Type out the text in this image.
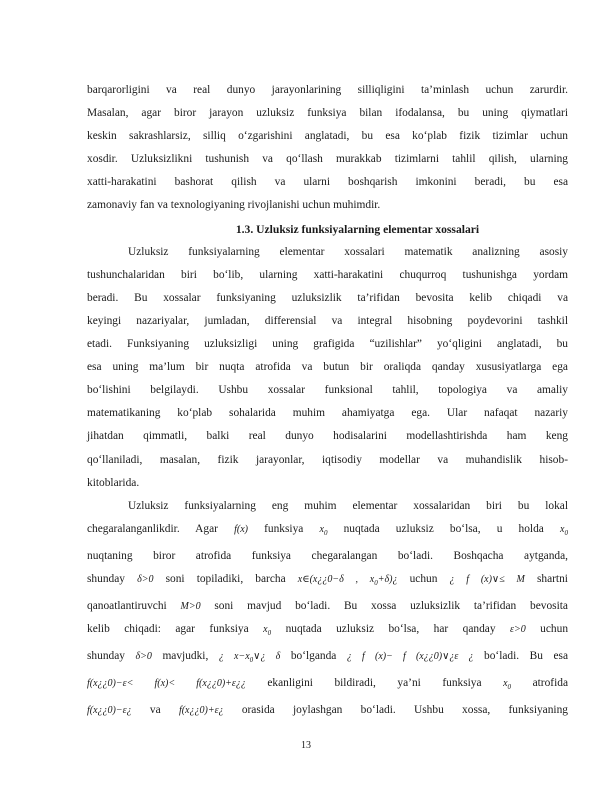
barqarorligini va real dunyo jarayonlarining silliqligini ta’minlash uchun zarurdir.

Masalan, agar biror jarayon uzluksiz funksiya bilan ifodalansa, bu uning qiymatlari

keskin sakrashlarsiz, silliq o‘zgarishini anglatadi, bu esa ko‘plab fizik tizimlar uchun

xosdir. Uzluksizlikni tushunish va qo‘llash murakkab tizimlarni tahlil qilish, ularning

xatti-harakatini bashorat qilish va ularni boshqarish imkonini beradi, bu esa

zamonaviy fan va texnologiyaning rivojlanishi uchun muhimdir.

1.3. Uzluksiz funksiyalarning elementar xossalari

Uzluksiz funksiyalarning elementar xossalari matematik analizning asosiy

tushunchalaridan biri bo‘lib, ularning xatti-harakatini chuqurroq tushunishga yordam

beradi. Bu xossalar funksiyaning uzluksizlik ta’rifidan bevosita kelib chiqadi va

keyingi nazariyalar, jumladan, differensial va integral hisobning poydevorini tashkil

etadi. Funksiyaning uzluksizligi uning grafigida “uzilishlar” yo‘qligini anglatadi, bu

esa uning ma’lum bir nuqta atrofida va butun bir oraliqda qanday xususiyatlarga ega

bo‘lishini belgilaydi. Ushbu xossalar funksional tahlil, topologiya va amaliy

matematikaning ko‘plab sohalarida muhim ahamiyatga ega. Ular nafaqat nazariy

jihatdan qimmatli, balki real dunyo hodisalarini modellashtirishda ham keng

qo‘llaniladi, masalan, fizik jarayonlar, iqtisodiy modellar va muhandislik hisob-

kitoblarida.

Uzluksiz funksiyalarning eng muhim elementar xossalaridan biri bu lokal

chegaralanganlikdir. Agar f(x) funksiya $x_0$ nuqtada uzluksiz bo‘lsa, u holda $x_0$

nuqtaning biror atrofida funksiya chegaralangan bo‘ladi. Boshqacha aytganda,

shunday δ>0 soni topiladiki, barcha x∈(x¿¿0−δ , $x_0+\delta)¿$ uchun ¿ f (x)∨≤ M shartni

qanoatlantiruvchi M>0 soni mavjud bo‘ladi. Bu xossa uzluksizlik ta’rifidan bevosita

kelib chiqadi: agar funksiya $x_0$ nuqtada uzluksiz bo‘lsa, har qanday ε>0 uchun

shunday δ>0 mavjudki, ¿ $x-x_0\vee¿$ δ bo‘lganda ¿ f (x)− f (x¿¿0)∨¿ε ¿ bo‘ladi. Bu esa

f(x¿¿0)−ε< f(x)< f(x¿¿0)+ε¿¿ ekanligini bildiradi, ya’ni funksiya $x_0$ atrofida

f(x¿¿0)−ε¿ va f(x¿¿0)+ε¿ orasida joylashgan bo‘ladi. Ushbu xossa, funksiyaning

13
